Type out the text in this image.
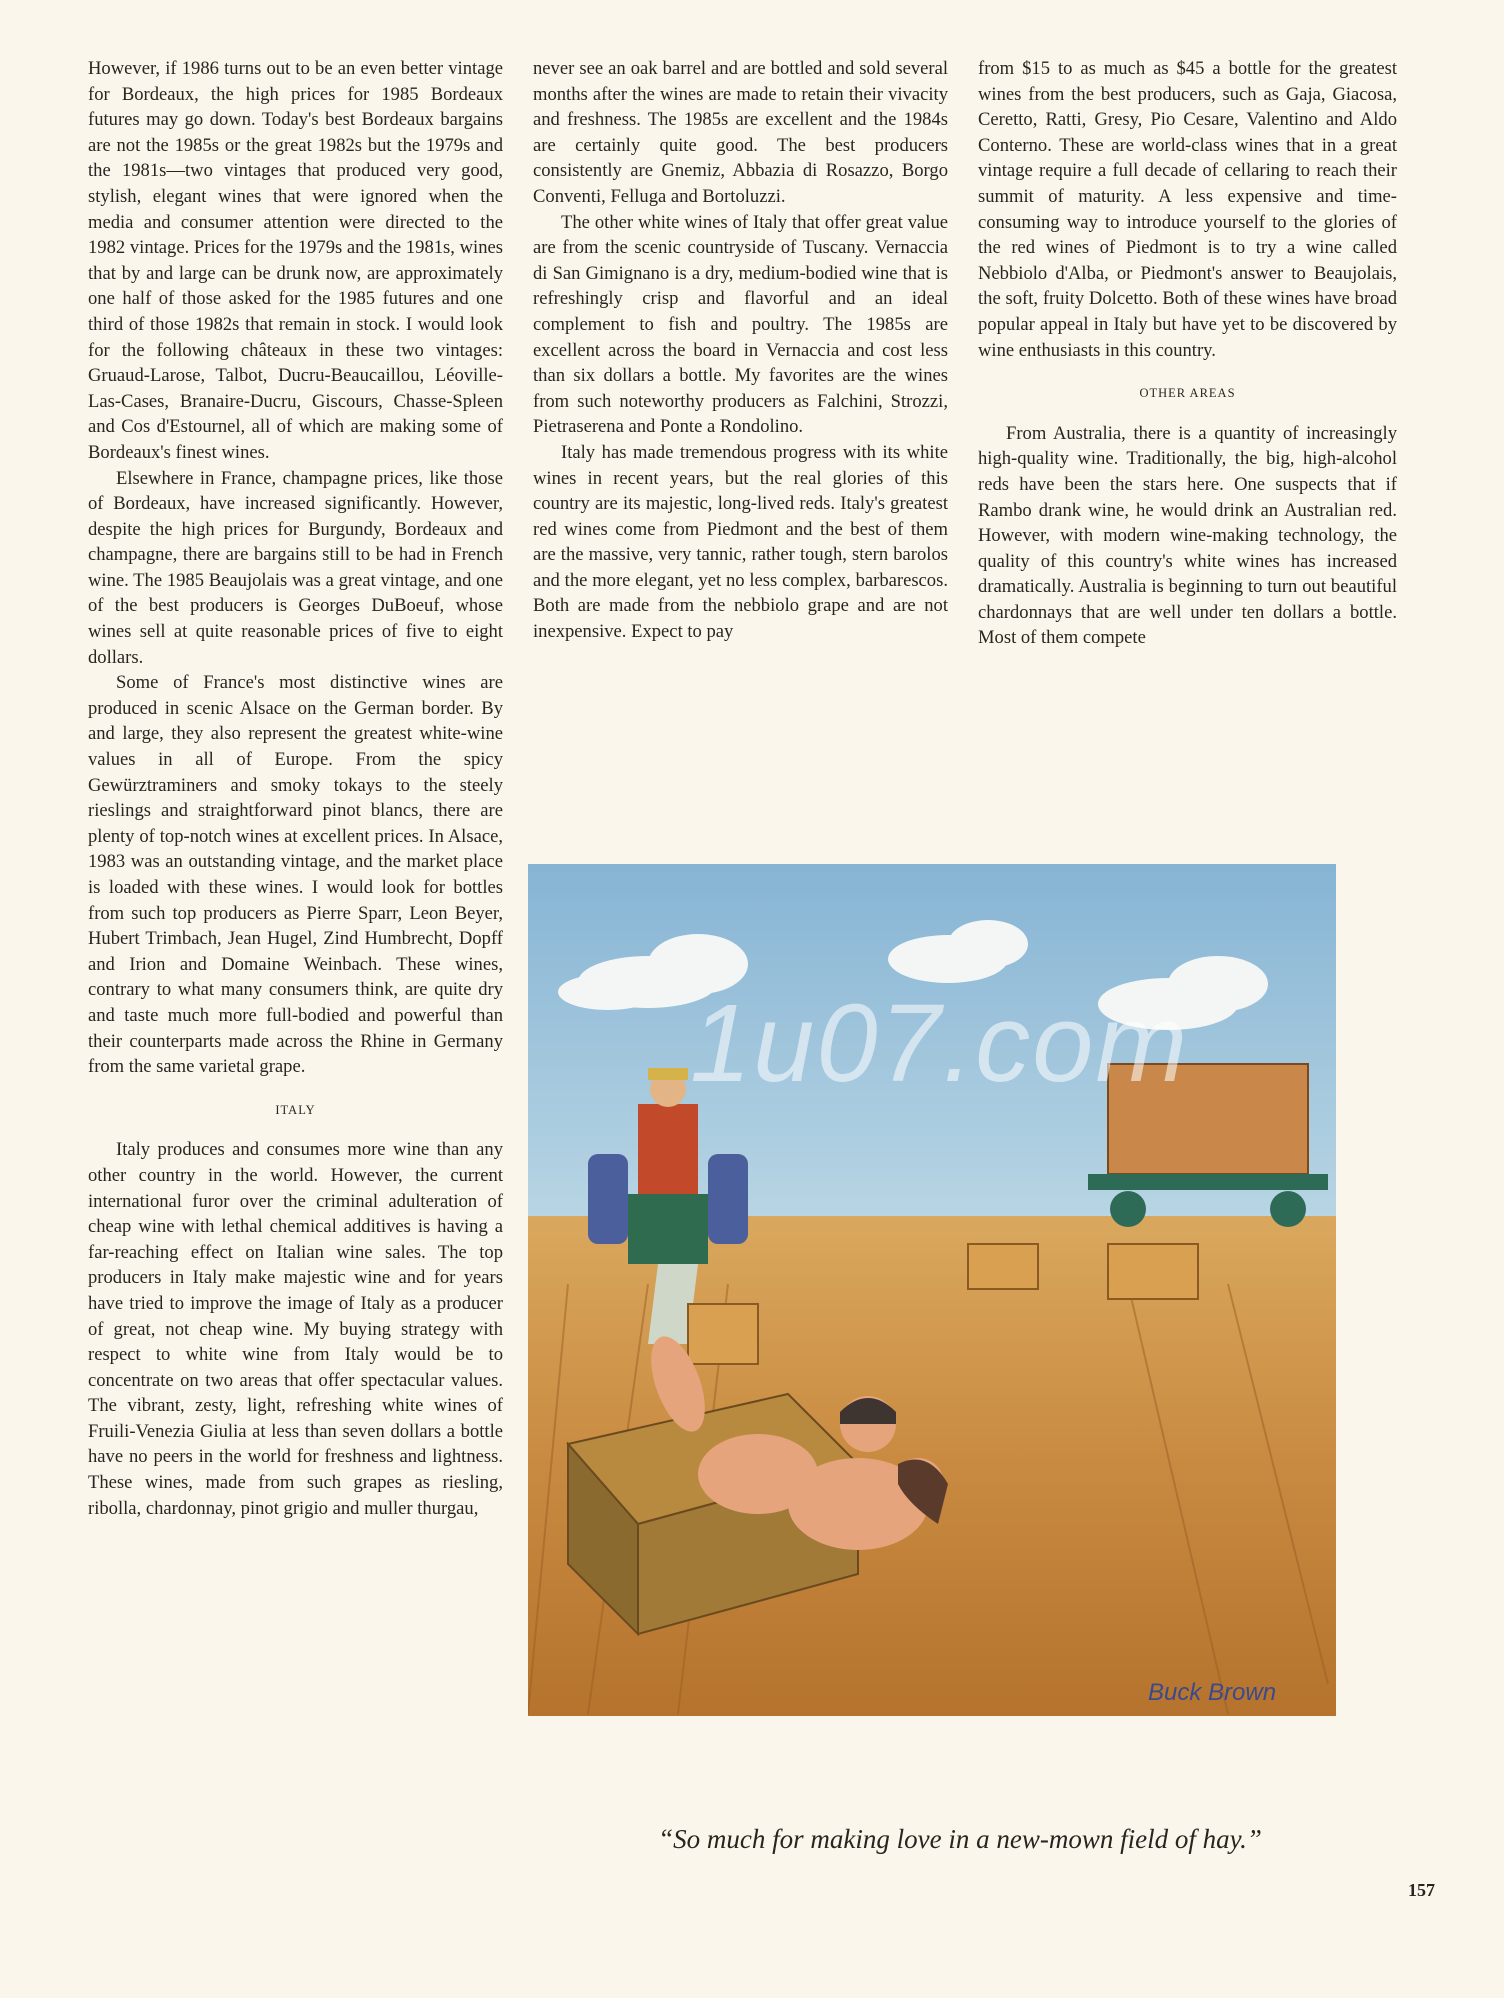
However, if 1986 turns out to be an even better vintage for Bordeaux, the high prices for 1985 Bordeaux futures may go down. Today's best Bordeaux bargains are not the 1985s or the great 1982s but the 1979s and the 1981s—two vintages that produced very good, stylish, elegant wines that were ignored when the media and consumer attention were directed to the 1982 vintage. Prices for the 1979s and the 1981s, wines that by and large can be drunk now, are approximately one half of those asked for the 1985 futures and one third of those 1982s that remain in stock. I would look for the following châteaux in these two vintages: Gruaud-Larose, Talbot, Ducru-Beaucaillou, Léoville-Las-Cases, Branaire-Ducru, Giscours, Chasse-Spleen and Cos d'Estournel, all of which are making some of Bordeaux's finest wines.

Elsewhere in France, champagne prices, like those of Bordeaux, have increased significantly. However, despite the high prices for Burgundy, Bordeaux and champagne, there are bargains still to be had in French wine. The 1985 Beaujolais was a great vintage, and one of the best producers is Georges DuBoeuf, whose wines sell at quite reasonable prices of five to eight dollars.

Some of France's most distinctive wines are produced in scenic Alsace on the German border. By and large, they also represent the greatest white-wine values in all of Europe. From the spicy Gewürztraminers and smoky tokays to the steely rieslings and straightforward pinot blancs, there are plenty of top-notch wines at excellent prices. In Alsace, 1983 was an outstanding vintage, and the market place is loaded with these wines. I would look for bottles from such top producers as Pierre Sparr, Leon Beyer, Hubert Trimbach, Jean Hugel, Zind Humbrecht, Dopff and Irion and Domaine Weinbach. These wines, contrary to what many consumers think, are quite dry and taste much more full-bodied and powerful than their counterparts made across the Rhine in Germany from the same varietal grape.

ITALY

Italy produces and consumes more wine than any other country in the world. However, the current international furor over the criminal adulteration of cheap wine with lethal chemical additives is having a far-reaching effect on Italian wine sales. The top producers in Italy make majestic wine and for years have tried to improve the image of Italy as a producer of great, not cheap wine. My buying strategy with respect to white wine from Italy would be to concentrate on two areas that offer spectacular values. The vibrant, zesty, light, refreshing white wines of Fruili-Venezia Giulia at less than seven dollars a bottle have no peers in the world for freshness and lightness. These wines, made from such grapes as riesling, ribolla, chardonnay, pinot grigio and muller thurgau,

never see an oak barrel and are bottled and sold several months after the wines are made to retain their vivacity and freshness. The 1985s are excellent and the 1984s are certainly quite good. The best producers consistently are Gnemiz, Abbazia di Rosazzo, Borgo Conventi, Felluga and Bortoluzzi.

The other white wines of Italy that offer great value are from the scenic countryside of Tuscany. Vernaccia di San Gimignano is a dry, medium-bodied wine that is refreshingly crisp and flavorful and an ideal complement to fish and poultry. The 1985s are excellent across the board in Vernaccia and cost less than six dollars a bottle. My favorites are the wines from such noteworthy producers as Falchini, Strozzi, Pietraserena and Ponte a Rondolino.

Italy has made tremendous progress with its white wines in recent years, but the real glories of this country are its majestic, long-lived reds. Italy's greatest red wines come from Piedmont and the best of them are the massive, very tannic, rather tough, stern barolos and the more elegant, yet no less complex, barbarescos. Both are made from the nebbiolo grape and are not inexpensive. Expect to pay

from $15 to as much as $45 a bottle for the greatest wines from the best producers, such as Gaja, Giacosa, Ceretto, Ratti, Gresy, Pio Cesare, Valentino and Aldo Conterno. These are world-class wines that in a great vintage require a full decade of cellaring to reach their summit of maturity. A less expensive and time-consuming way to introduce yourself to the glories of the red wines of Piedmont is to try a wine called Nebbiolo d'Alba, or Piedmont's answer to Beaujolais, the soft, fruity Dolcetto. Both of these wines have broad popular appeal in Italy but have yet to be discovered by wine enthusiasts in this country.

OTHER AREAS

From Australia, there is a quantity of increasingly high-quality wine. Traditionally, the big, high-alcohol reds have been the stars here. One suspects that if Rambo drank wine, he would drink an Australian red. However, with modern wine-making technology, the quality of this country's white wines has increased dramatically. Australia is beginning to turn out beautiful chardonnays that are well under ten dollars a bottle. Most of them compete

Buck Brown
1u07.com
“So much for making love in a new-mown field of hay.”
157
